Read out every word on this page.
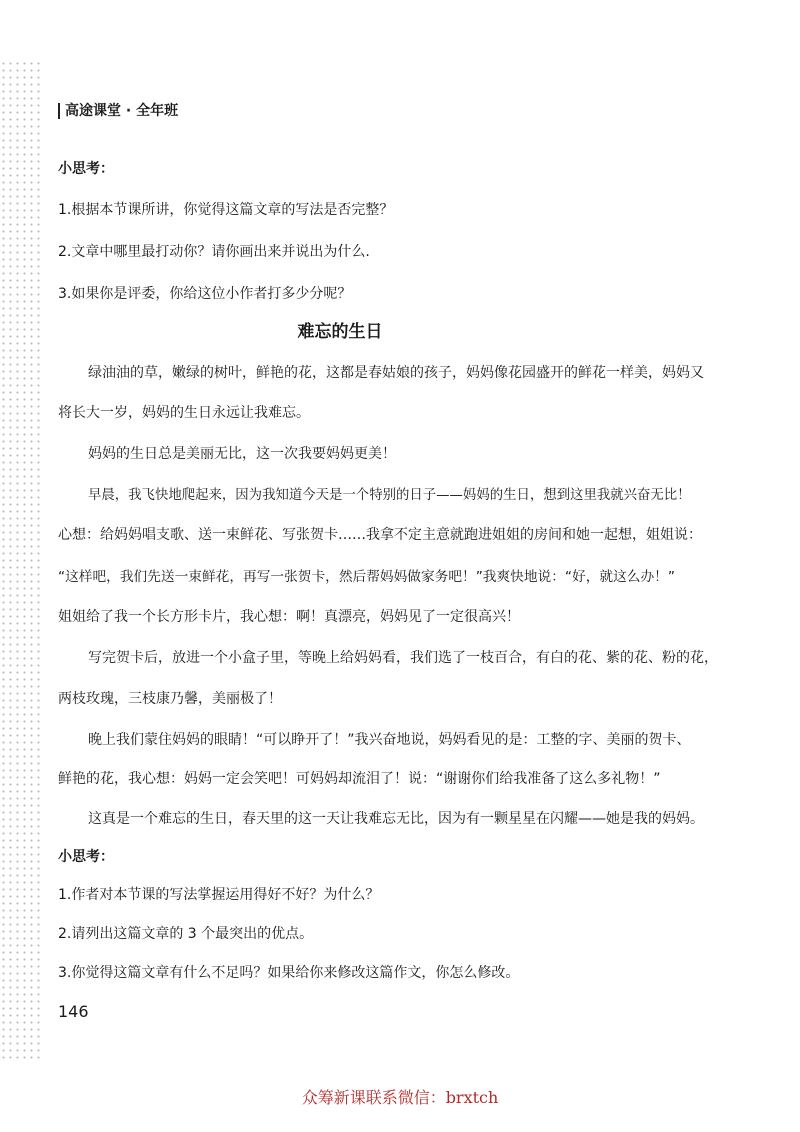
高途课堂 · 全年班
小思考：
1.根据本节课所讲，你觉得这篇文章的写法是否完整？
2.文章中哪里最打动你？请你画出来并说出为什么.
3.如果你是评委，你给这位小作者打多少分呢？
难忘的生日
绿油油的草，嫩绿的树叶，鲜艳的花，这都是春姑娘的孩子，妈妈像花园盛开的鲜花一样美，妈妈又
将长大一岁，妈妈的生日永远让我难忘。
妈妈的生日总是美丽无比，这一次我要妈妈更美！
早晨，我飞快地爬起来，因为我知道今天是一个特别的日子——妈妈的生日，想到这里我就兴奋无比！
心想：给妈妈唱支歌、送一束鲜花、写张贺卡……我拿不定主意就跑进姐姐的房间和她一起想，姐姐说：
“这样吧，我们先送一束鲜花，再写一张贺卡，然后帮妈妈做家务吧！”我爽快地说：“好，就这么办！”
姐姐给了我一个长方形卡片，我心想：啊！真漂亮，妈妈见了一定很高兴！
写完贺卡后，放进一个小盒子里，等晚上给妈妈看，我们选了一枝百合，有白的花、紫的花、粉的花，
两枝玫瑰，三枝康乃馨，美丽极了！
晚上我们蒙住妈妈的眼睛！“可以睁开了！”我兴奋地说，妈妈看见的是：工整的字、美丽的贺卡、
鲜艳的花，我心想：妈妈一定会笑吧！可妈妈却流泪了！说：“谢谢你们给我准备了这么多礼物！”
这真是一个难忘的生日，春天里的这一天让我难忘无比，因为有一颗星星在闪耀——她是我的妈妈。
小思考：
1.作者对本节课的写法掌握运用得好不好？为什么？
2.请列出这篇文章的 3 个最突出的优点。
3.你觉得这篇文章有什么不足吗？如果给你来修改这篇作文，你怎么修改。
146
众筹新课联系微信：brxtch
